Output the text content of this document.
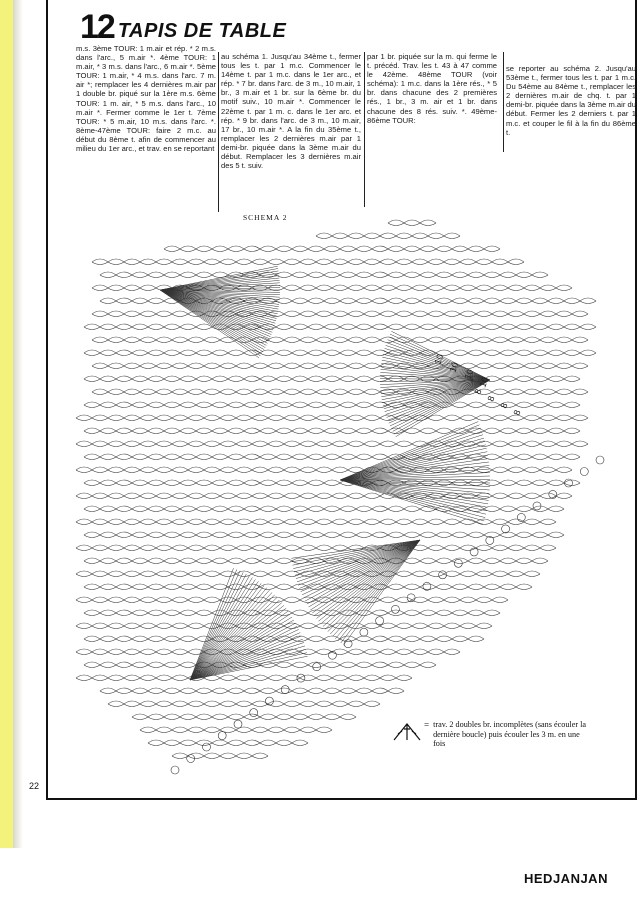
12 TAPIS DE TABLE
m.s. 3ème TOUR: 1 m.air et rép. * 2 m.s. dans l'arc., 5 m.air *. 4ème TOUR: 1 m.air, * 3 m.s. dans l'arc., 6 m.air *. 5ème TOUR: 1 m.air, * 4 m.s. dans l'arc. 7 m. air *; remplacer les 4 dernières m.air par 1 double br. piqué sur la 1ère m.s. 6ème TOUR: 1 m. air, * 5 m.s. dans l'arc., 10 m.air *. Fermer comme le 1er t. 7ème TOUR: * 5 m.air, 10 m.s. dans l'arc. *. 8ème-47ème TOUR: faire 2 m.c. au début du 8ème t. afin de commencer au milieu du 1er arc., et trav. en se reportant
au schéma 1. Jusqu'au 34ème t., fermer tous les t. par 1 m.c. Commencer le 14ème t. par 1 m.c. dans le 1er arc., et rép. * 7 br. dans l'arc. de 3 m., 10 m.air, 1 br., 3 m.air et 1 br. sur la 6ème br. du motif suiv., 10 m.air *. Commencer le 22ème t. par 1 m. c. dans le 1er arc. et rép. * 9 br. dans l'arc. de 3 m., 10 m.air, 17 br., 10 m.air *. A la fin du 35ème t., remplacer les 2 dernières m.air par 1 demi-br. piquée dans la 3ème m.air du début. Remplacer les 3 dernières m.air des 5 t. suiv.
par 1 br. piquée sur la m. qui ferme le t. précéd. Trav. les t. 43 à 47 comme le 42ème. 48ème TOUR (voir schéma): 1 m.c. dans la 1ère rés., * 5 br. dans chacune des 2 premières rés., 1 br., 3 m. air et 1 br. dans chacune des 8 rés. suiv. *. 49ème-86ème TOUR:
se reporter au schéma 2. Jusqu'au 53ème t., fermer tous les t. par 1 m.c. Du 54ème au 84ème t., remplacer les 2 dernières m.air de chq. t. par 1 demi-br. piquée dans la 3ème m.air du début. Fermer les 2 derniers t. par 1 m.c. et couper le fil à la fin du 86ème t.
10
10
10
10
8
8
8
8
SCHEMA 2
= trav. 2 doubles br. incomplètes (sans écouler la dernière boucle) puis écouler les 3 m. en une fois
22
HEDJANJAN
